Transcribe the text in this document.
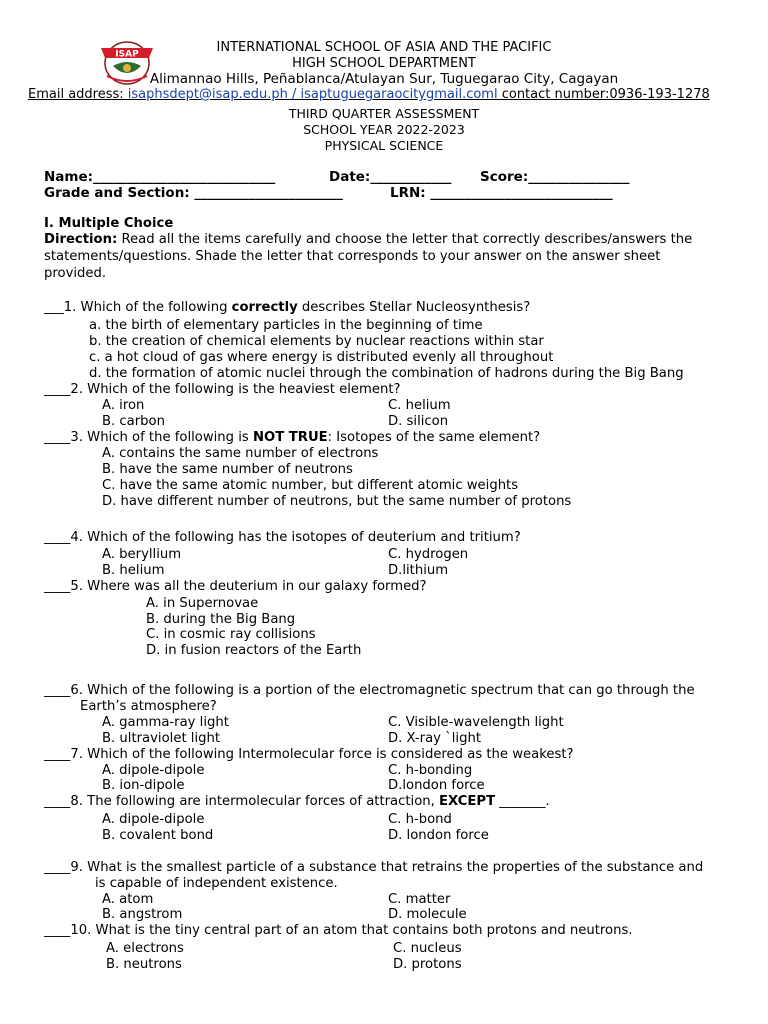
ISAP	INTERNATIONAL SCHOOL OF ASIA AND THE PACIFIC
HIGH SCHOOL DEPARTMENT
Alimannao Hills, Peñablanca/Atulayan Sur, Tuguegarao City, Cagayan
Email address: isaphsdept@isap.edu.ph / isaptuguegaraocitygmail.coml contact number:0936-193-1278
THIRD QUARTER ASSESSMENT
SCHOOL YEAR 2022-2023
PHYSICAL SCIENCE
Name:___________________________	Date:____________ Score:_______________
Grade and Section: ______________________	LRN: ___________________________
I. Multiple Choice
Direction: Read all the items carefully and choose the letter that correctly describes/answers the
statements/questions. Shade the letter that corresponds to your answer on the answer sheet
provided.
___1. Which of the following correctly describes Stellar Nucleosynthesis?
a. the birth of elementary particles in the beginning of time
b. the creation of chemical elements by nuclear reactions within star
c. a hot cloud of gas where energy is distributed evenly all throughout
d. the formation of atomic nuclei through the combination of hadrons during the Big Bang
____2. Which of the following is the heaviest element?
A. iron	C. helium
B. carbon	D. silicon
____3. Which of the following is NOT TRUE: Isotopes of the same element?
A. contains the same number of electrons
B. have the same number of neutrons
C. have the same atomic number, but different atomic weights
D. have different number of neutrons, but the same number of protons
____4. Which of the following has the isotopes of deuterium and tritium?
A. beryllium	C. hydrogen
B. helium	D.lithium
____5. Where was all the deuterium in our galaxy formed?
A. in Supernovae
B. during the Big Bang
C. in cosmic ray collisions
D. in fusion reactors of the Earth
____6. Which of the following is a portion of the electromagnetic spectrum that can go through the
Earth’s atmosphere?
A. gamma-ray light	C. Visible-wavelength light
B. ultraviolet light	D. X-ray `light
____7. Which of the following Intermolecular force is considered as the weakest?
A. dipole-dipole	C. h-bonding
B. ion-dipole	D.london force
____8. The following are intermolecular forces of attraction, EXCEPT _______.
A. dipole-dipole	C. h-bond
B. covalent bond	D. london force
____9. What is the smallest particle of a substance that retrains the properties of the substance and
is capable of independent existence.
A. atom	C. matter
B. angstrom	D. molecule
____10. What is the tiny central part of an atom that contains both protons and neutrons.
A. electrons	C. nucleus
B. neutrons	D. protons
